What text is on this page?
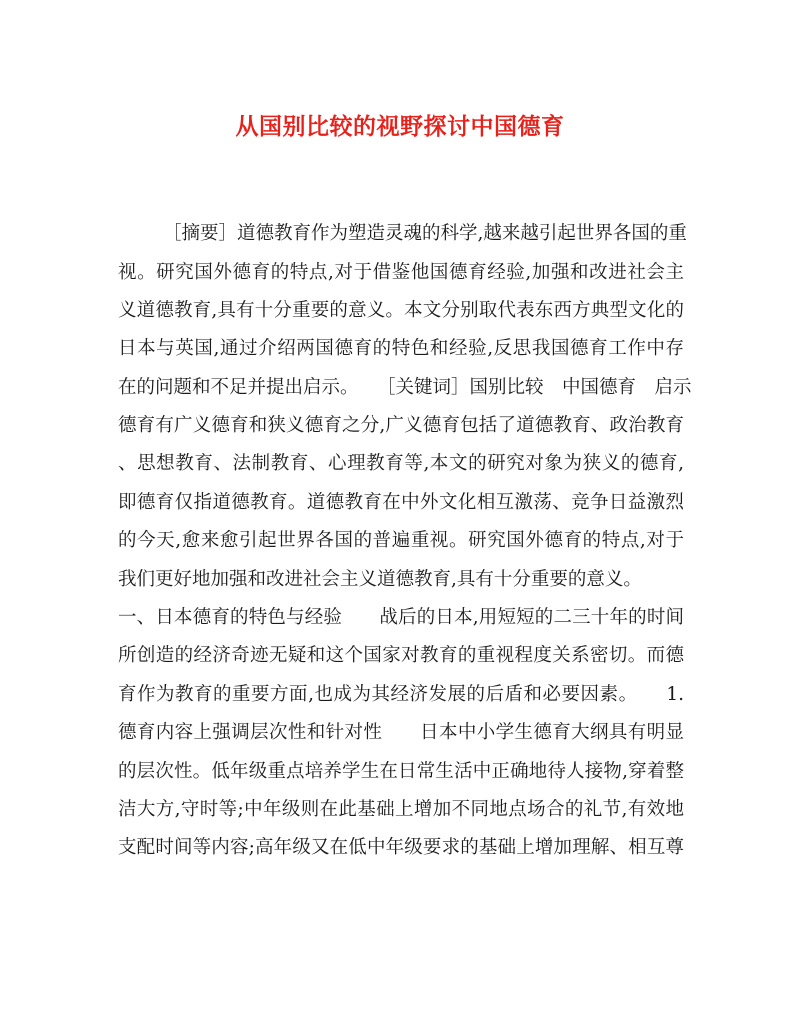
从国别比较的视野探讨中国德育
［摘要］道德教育作为塑造灵魂的科学,越来越引起世界各国的重
视。研究国外德育的特点,对于借鉴他国德育经验,加强和改进社会主
义道德教育,具有十分重要的意义。本文分别取代表东西方典型文化的
日本与英国,通过介绍两国德育的特色和经验,反思我国德育工作中存
在的问题和不足并提出启示。　　［关键词］国别比较　中国德育　启示
德育有广义德育和狭义德育之分,广义德育包括了道德教育、政治教育
、思想教育、法制教育、心理教育等,本文的研究对象为狭义的德育,
即德育仅指道德教育。道德教育在中外文化相互激荡、竞争日益激烈
的今天,愈来愈引起世界各国的普遍重视。研究国外德育的特点,对于
我们更好地加强和改进社会主义道德教育,具有十分重要的意义。
一、日本德育的特色与经验　　战后的日本,用短短的二三十年的时间
所创造的经济奇迹无疑和这个国家对教育的重视程度关系密切。而德
育作为教育的重要方面,也成为其经济发展的后盾和必要因素。　　1.
德育内容上强调层次性和针对性　　日本中小学生德育大纲具有明显
的层次性。低年级重点培养学生在日常生活中正确地待人接物,穿着整
洁大方,守时等;中年级则在此基础上增加不同地点场合的礼节,有效地
支配时间等内容;高年级又在低中年级要求的基础上增加理解、相互尊
